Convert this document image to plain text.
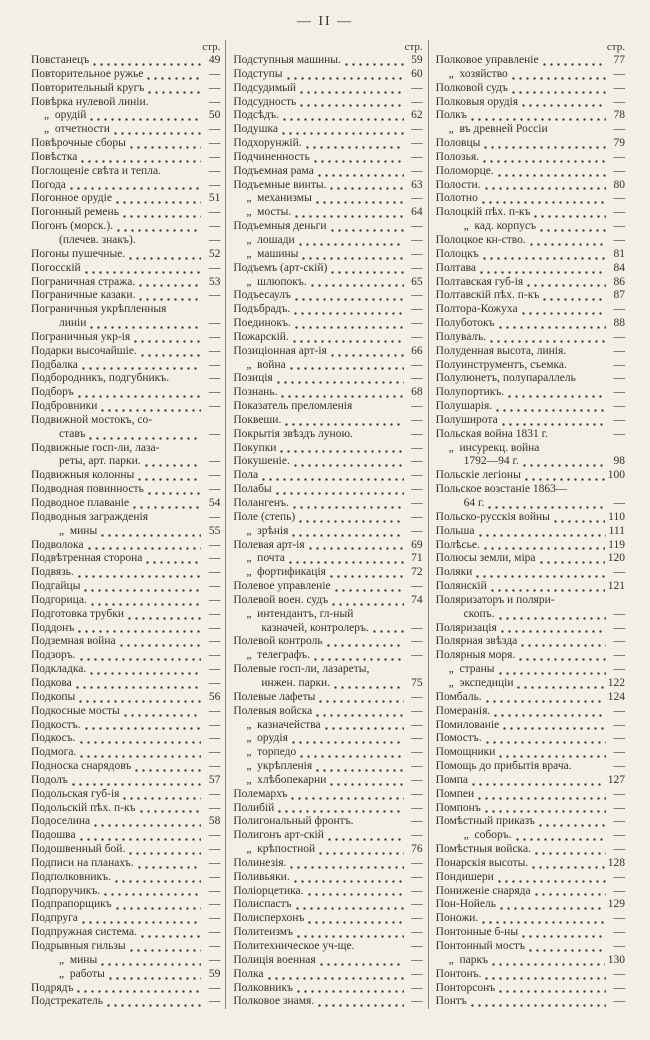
— II —
стр.
Повстанецъ	49
Повторительное ружье	—
Повторительный кругъ	—
Повѣрка нулевой линіи.	—
„  орудій	50
„  отчетности	—
Повѣрочные сборы	—
Повѣстка	—
Поглощеніе свѣта и тепла.	—
Погода	—
Погонное орудіе	51
Погонный ремень	—
Погонъ (морск.).	—
(плечев. знакъ).	—
Погоны пушечные.	52
Погосскій	—
Пограничная стража.	53
Пограничные казаки.	—
Пограничныя укрѣпленныя
линіи	—
Пограничныя укр-ія	—
Подарки высочайшіе.	—
Подбалка	—
Подбородникъ, подгубникъ.	—
Подборъ	—
Подбровники	—
Подвижной мостокъ, со-
ставъ	—
Подвижные госп-ли, лаза-
реты, арт. парки.	—
Подвижныя колонны	—
Подводная повинность	—
Подводное плаваніе	54
Подводныя загражденія	—
„  мины	55
Подволока	—
Подвѣтренная сторона	—
Подвязь.	—
Подгайцы	—
Подгорица.	—
Подготовка трубки	—
Поддонъ	—
Подземная война	—
Подзоръ.	—
Подкладка.	—
Подкова	—
Подкопы	56
Подкосные мосты	—
Подкостъ.	—
Подкосъ.	—
Подмога.	—
Подноска снарядовъ	—
Подолъ	57
Подольская губ-ія	—
Подольскій пѣх. п-къ	—
Подоселина	58
Подошва	—
Подошвенный бой.	—
Подписи на планахъ.	—
Подполковникъ.	—
Подпоручикъ.	—
Подпрапорщикъ	—
Подпруга	—
Подпружная система.	—
Подрывныя гильзы	—
„  мины	—
„  работы	59
Подрядъ	—
Подстрекатель	—
стр.
Подступныя машины.	59
Подступы	60
Подсудимый	—
Подсудность	—
Подсѣдъ.	62
Подушка	—
Подхорунжій.	—
Подчиненность	—
Подъемная рама	—
Подъемные винты.	63
„  механизмы	—
„  мосты.	64
Подъемныя деньги	—
„  лошади	—
„  машины	—
Подъемъ (арт-скій)	—
„  шлюпокъ.	65
Подъесаулъ	—
Подъбрадъ.	—
Поединокъ.	—
Пожарскій.	—
Позиціонная арт-ія	66
„  война	—
Позиція	—
Познань.	68
Показатель преломленія	—
Поквеши.	—
Покрытія звѣздъ луною.	—
Покупки	—
Покушеніе.	—
Пола	—
Полабы	—
Полангенъ.	—
Поле (степь)	—
„  зрѣнія	—
Полевая арт-ія	69
„  почта	71
„  фортификація	72
Полевое управленіе	—
Полевой воен. судъ	74
„  интендантъ, гл-ный
казначей, контролеръ.	—
Полевой контроль	—
„  телеграфъ.	—
Полевые госп-ли, лазареты,
инжен. парки.	75
Полевые лафеты	—
Полевыя войска	—
„  казначейства	—
„  орудія	—
„  торпедо	—
„  укрѣпленія	—
„  хлѣбопекарни	—
Полемархъ	—
Полибій	—
Полигональный фронтъ.	—
Полигонъ арт-скій	—
„  крѣпостной	76
Полинезія.	—
Поливьяки.	—
Поліорцетика.	—
Полиспастъ	—
Полисперхонъ	—
Политеизмъ	—
Политехническое уч-ще.	—
Полиція военная	—
Полка	—
Полковникъ	—
Полковое знамя.	—
стр.
Полковое управленіе	77
„  хозяйство	—
Полковой судъ	—
Полковыя орудія	—
Полкъ	78
„  въ древней Россіи	—
Половцы	79
Полозья.	—
Поломорце.	—
Полости.	80
Полотно	—
Полоцкій пѣх. п-къ	—
„  кад. корпусъ	—
Полоцкое кн-ство.	—
Полоцкъ	81
Полтава	84
Полтавская губ-ія	86
Полтавскій пѣх. п-къ	87
Полтора-Кожуха	—
Полуботокъ	88
Полувалъ.	—
Полуденная высота, линія.	—
Полуинструментъ, съемка.	—
Полулюнетъ, полупараллель	—
Полупортикъ.	—
Полушарія.	—
Полуширота	—
Польская война 1831 г.	—
„  инсурекц. война
1792—94 г.	98
Польскіе легіоны	100
Польское возстаніе 1863—
64 г.	—
Польско-русскія войны	110
Польша	111
Полѣсье.	119
Полюсы земли, міра	120
Поляки	—
Полянскій	121
Поляризаторъ и поляри-
скопъ.	—
Поляризація	—
Полярная звѣзда	—
Полярныя моря.	—
„  страны	—
„  экспедиціи	122
Помбаль.	124
Померанія.	—
Помилованіе	—
Помостъ.	—
Помощники	—
Помощь до прибытія врача.	—
Помпа	127
Помпеи	—
Помпонъ	—
Помѣстный приказъ	—
„  соборъ.	—
Помѣстныя войска.	—
Понарскія высоты.	128
Пондишери	—
Пониженіе снаряда	—
Пон-Нойель	129
Поножи.	—
Понтонные б-ны	—
Понтонный мостъ	—
„  паркъ	130
Понтонъ.	—
Понторсонъ	—
Понтъ	—
